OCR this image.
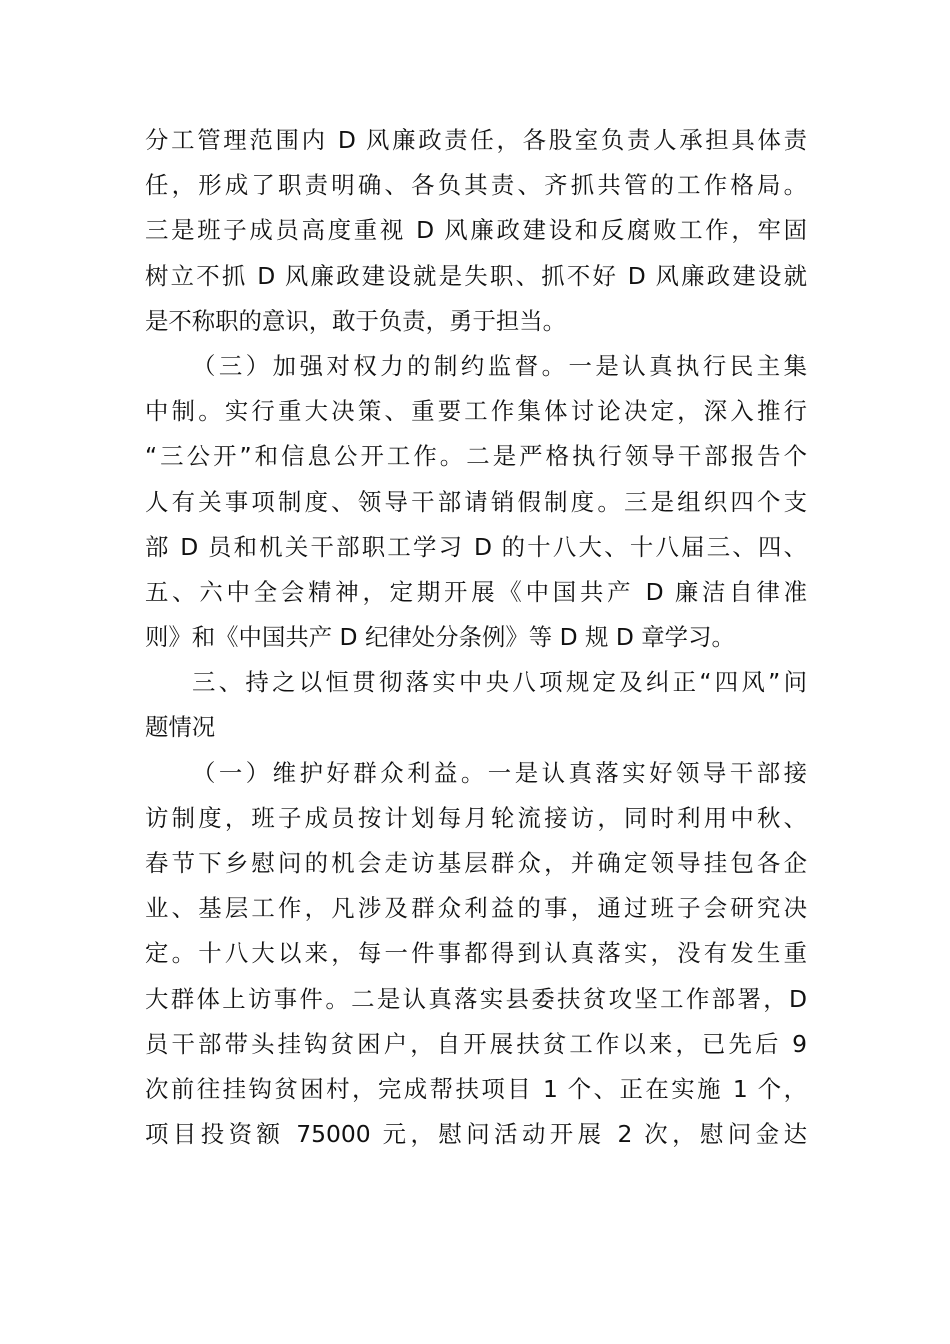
分工管理范围内 D 风廉政责任，各股室负责人承担具体责
任，形成了职责明确、各负其责、齐抓共管的工作格局。
三是班子成员高度重视 D 风廉政建设和反腐败工作，牢固
树立不抓 D 风廉政建设就是失职、抓不好 D 风廉政建设就
是不称职的意识，敢于负责，勇于担当。
（三）加强对权力的制约监督。一是认真执行民主集
中制。实行重大决策、重要工作集体讨论决定，深入推行
“三公开”和信息公开工作。二是严格执行领导干部报告个
人有关事项制度、领导干部请销假制度。三是组织四个支
部 D 员和机关干部职工学习 D 的十八大、十八届三、四、
五、六中全会精神，定期开展《中国共产 D 廉洁自律准
则》和《中国共产 D 纪律处分条例》等 D 规 D 章学习。
三、持之以恒贯彻落实中央八项规定及纠正“四风”问
题情况
（一）维护好群众利益。一是认真落实好领导干部接
访制度，班子成员按计划每月轮流接访，同时利用中秋、
春节下乡慰问的机会走访基层群众，并确定领导挂包各企
业、基层工作，凡涉及群众利益的事，通过班子会研究决
定。十八大以来，每一件事都得到认真落实，没有发生重
大群体上访事件。二是认真落实县委扶贫攻坚工作部署，D
员干部带头挂钩贫困户，自开展扶贫工作以来，已先后 9
次前往挂钩贫困村，完成帮扶项目 1 个、正在实施 1 个，
项目投资额 75000 元，慰问活动开展 2 次，慰问金达
